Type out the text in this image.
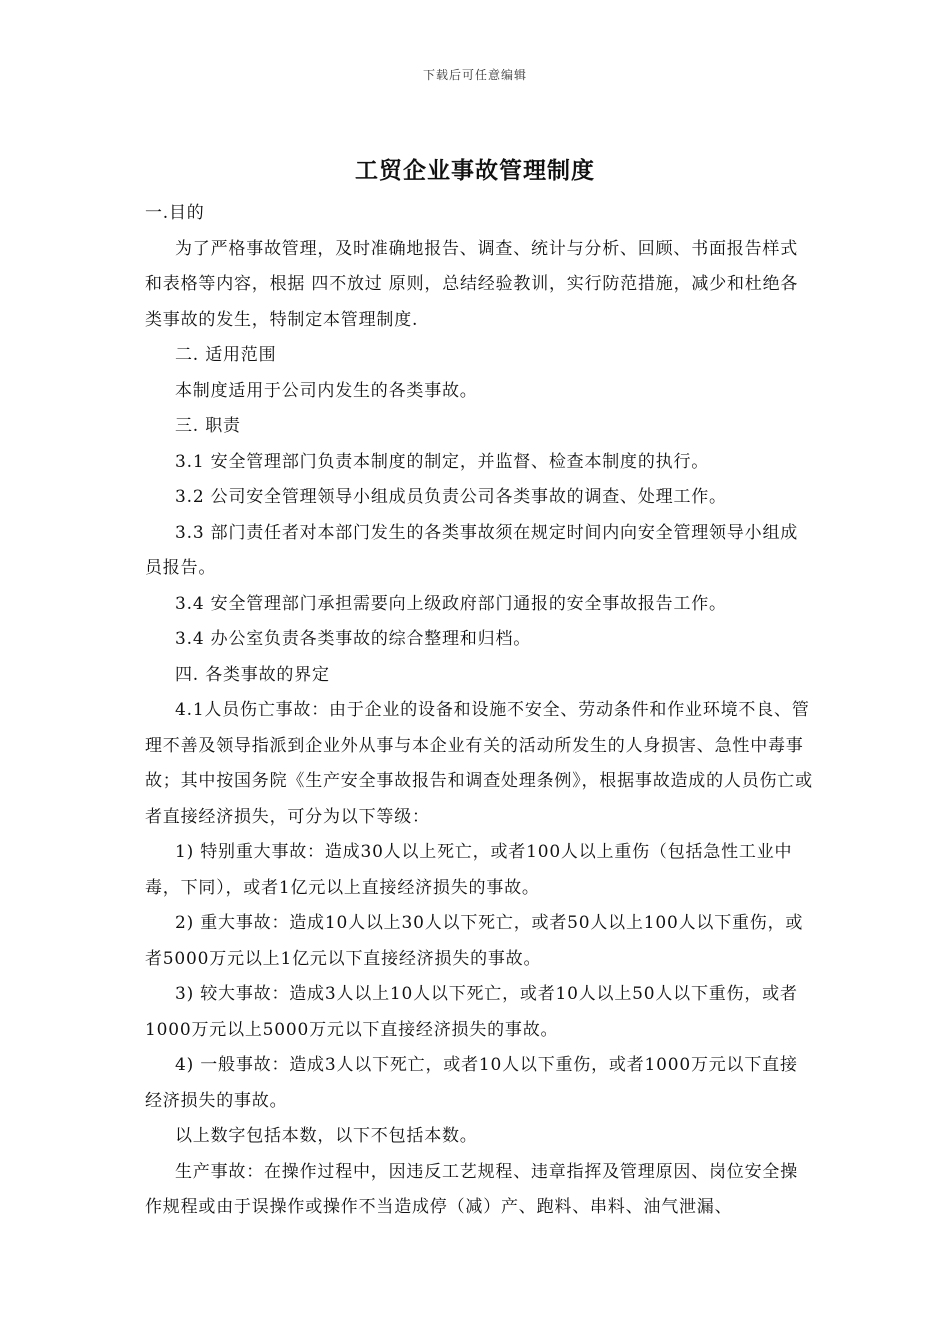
下载后可任意编辑
工贸企业事故管理制度

一.目的

为了严格事故管理，及时准确地报告、调查、统计与分析、回顾、书面报告样式和表格等内容，根据 四不放过 原则，总结经验教训，实行防范措施，减少和杜绝各类事故的发生，特制定本管理制度.

二. 适用范围

本制度适用于公司内发生的各类事故。

三. 职责

3.1 安全管理部门负责本制度的制定，并监督、检查本制度的执行。

3.2 公司安全管理领导小组成员负责公司各类事故的调查、处理工作。

3.3 部门责任者对本部门发生的各类事故须在规定时间内向安全管理领导小组成员报告。

3.4 安全管理部门承担需要向上级政府部门通报的安全事故报告工作。

3.4 办公室负责各类事故的综合整理和归档。

四. 各类事故的界定

4.1人员伤亡事故：由于企业的设备和设施不安全、劳动条件和作业环境不良、管理不善及领导指派到企业外从事与本企业有关的活动所发生的人身损害、急性中毒事故；其中按国务院《生产安全事故报告和调查处理条例》，根据事故造成的人员伤亡或者直接经济损失，可分为以下等级：

1) 特别重大事故：造成30人以上死亡，或者100人以上重伤（包括急性工业中毒，下同），或者1亿元以上直接经济损失的事故。

2) 重大事故：造成10人以上30人以下死亡，或者50人以上100人以下重伤，或者5000万元以上1亿元以下直接经济损失的事故。

3) 较大事故：造成3人以上10人以下死亡，或者10人以上50人以下重伤，或者1000万元以上5000万元以下直接经济损失的事故。

4) 一般事故：造成3人以下死亡，或者10人以下重伤，或者1000万元以下直接经济损失的事故。

以上数字包括本数，以下不包括本数。

生产事故：在操作过程中，因违反工艺规程、违章指挥及管理原因、岗位安全操作规程或由于误操作或操作不当造成停（减）产、跑料、串料、油气泄漏、
